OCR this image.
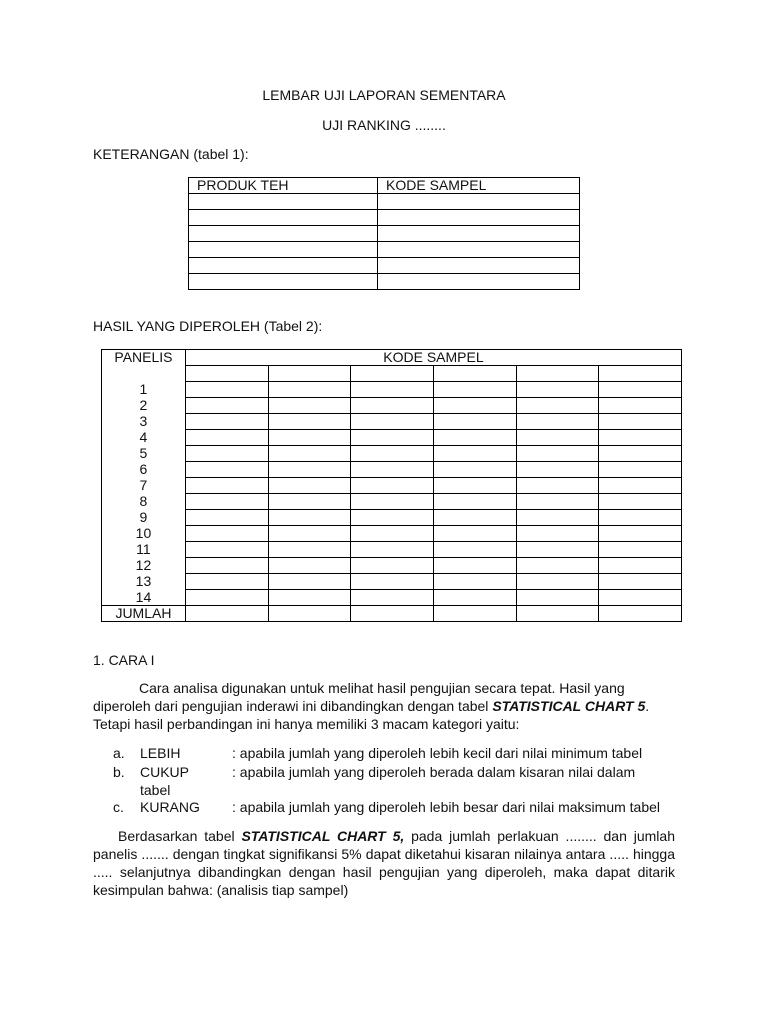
LEMBAR UJI LAPORAN SEMENTARA
UJI RANKING ........
KETERANGAN (tabel 1):
PRODUK TEH	KODE SAMPEL

HASIL YANG DIPEROLEH (Tabel 2):
PANELIS	KODE SAMPEL					

1						
2						
3						
4						
5						
6						
7						
8						
9						
10						
11						
12						
13						
14						
JUMLAH						
1. CARA I
Cara analisa digunakan untuk melihat hasil pengujian secara tepat. Hasil yang diperoleh dari pengujian inderawi ini dibandingkan dengan tabel STATISTICAL CHART 5. Tetapi hasil perbandingan ini hanya memiliki 3 macam kategori yaitu:
a. LEBIH	: apabila jumlah yang diperoleh lebih kecil dari nilai minimum tabel
b. CUKUP	: apabila jumlah yang diperoleh berada dalam kisaran nilai dalam
tabel
c. KURANG : apabila jumlah yang diperoleh lebih besar dari nilai maksimum tabel
Berdasarkan tabel STATISTICAL CHART 5, pada jumlah perlakuan ........ dan jumlah panelis ....... dengan tingkat signifikansi 5% dapat diketahui kisaran nilainya antara ..... hingga ..... selanjutnya dibandingkan dengan hasil pengujian yang diperoleh, maka dapat ditarik kesimpulan bahwa: (analisis tiap sampel)
